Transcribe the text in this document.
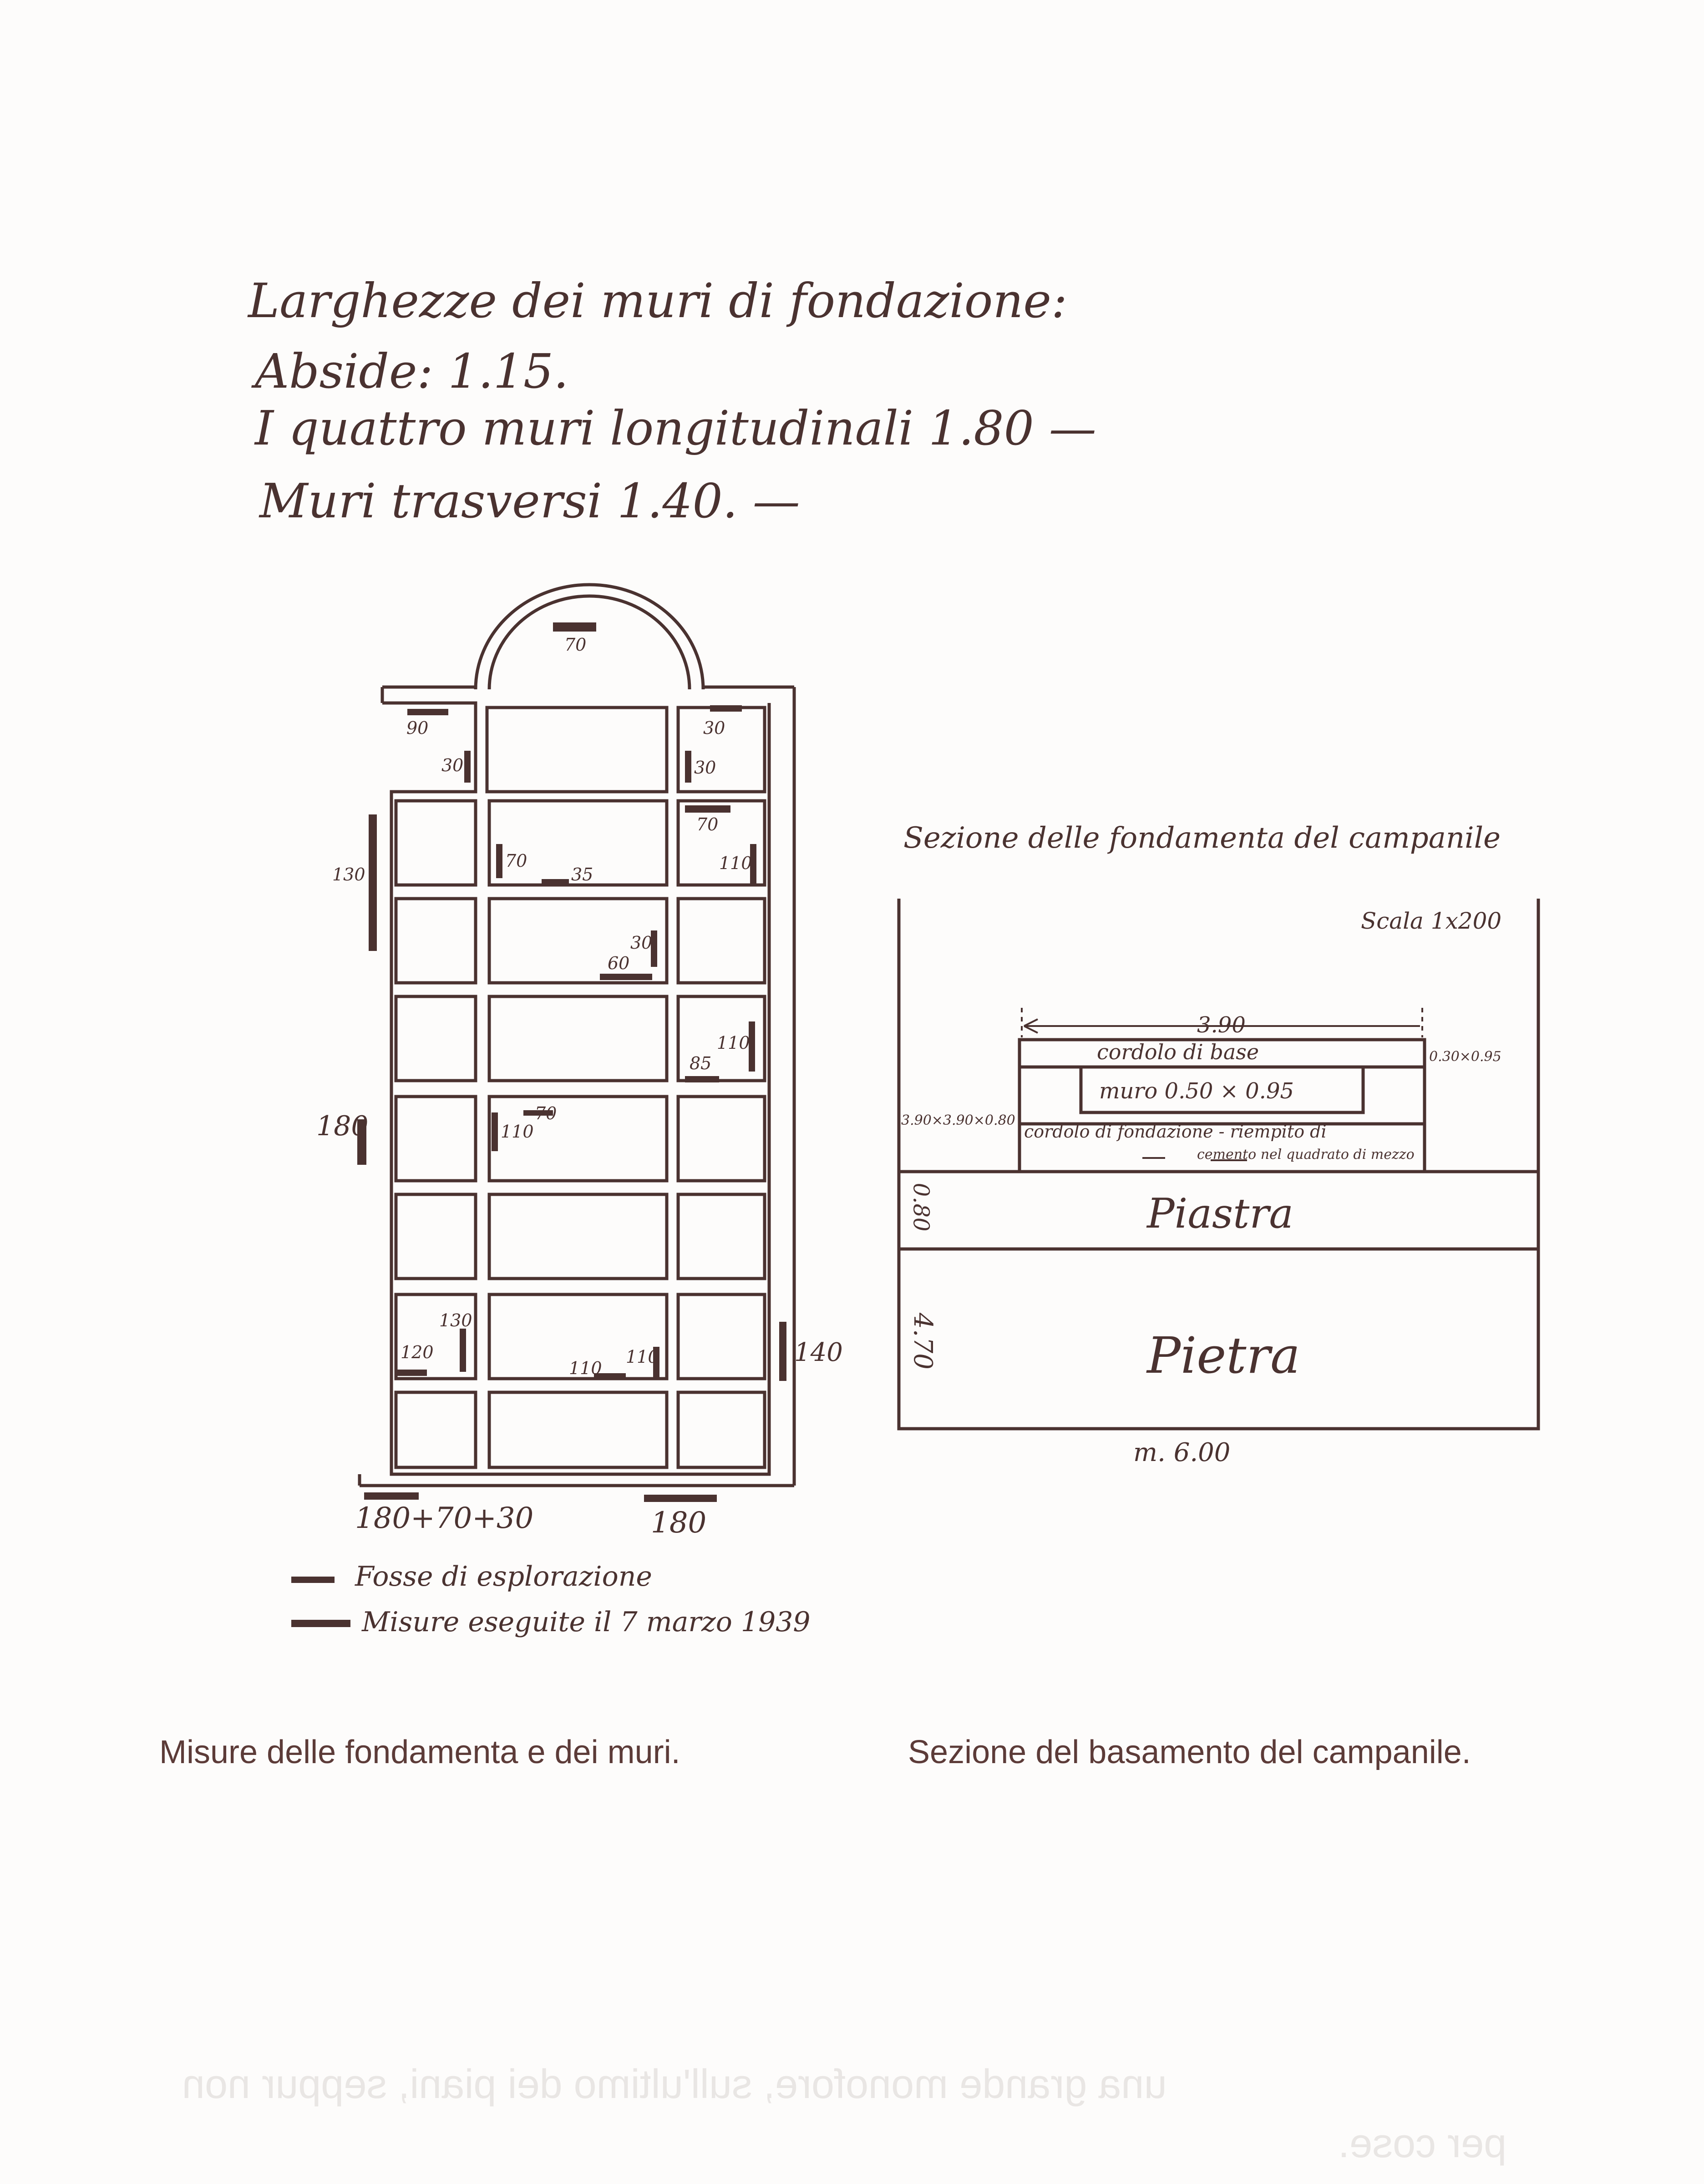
Larghezze dei muri di fondazione:
Abside: 1.15.
I quattro muri longitudinali 1.80 —
Muri trasversi 1.40. —
70
90
30
30
30
130
70
35
70
110
30
60
110
85
180	110
70
130
120
110
110	140
180+70+30	180
Fosse di esplorazione
Misure eseguite il 7 marzo 1939
Sezione delle fondamenta del campanile
Scala 1x200
3.90
cordolo di base	0.30×0.95
muro 0.50 × 0.95
3.90×3.90×0.80
cordolo di fondazione - riempito di
cemento nel quadrato di mezzo
0.80	Piastra
4.70	Pietra
m. 6.00
Misure delle fondamenta e dei muri.	Sezione del basamento del campanile.
una grande monofore, sull'ultimo dei piani, seppur non
per cose.
